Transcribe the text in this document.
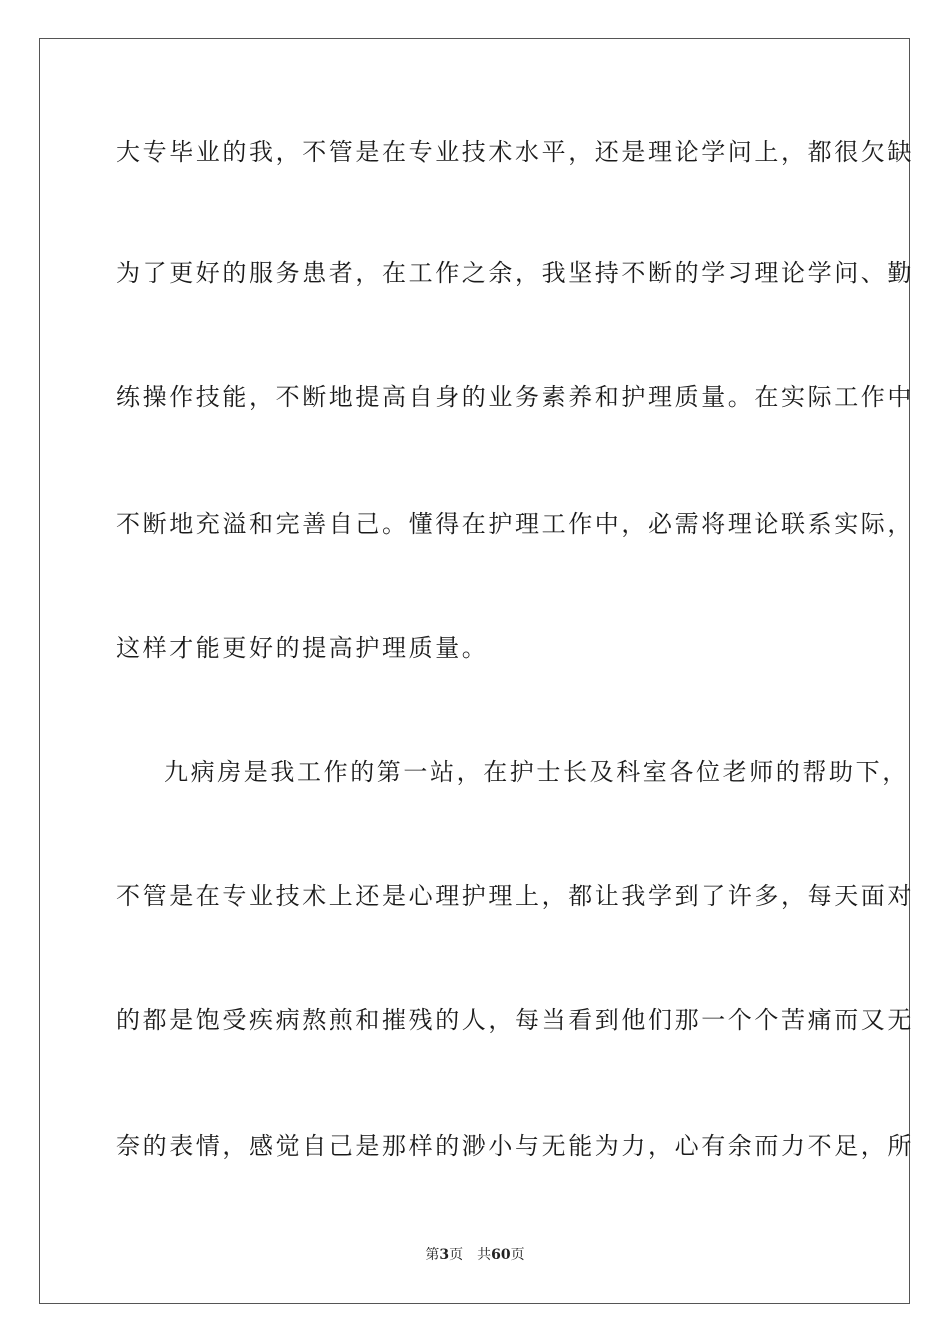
大专毕业的我，不管是在专业技术水平，还是理论学问上，都很欠缺
为了更好的服务患者，在工作之余，我坚持不断的学习理论学问、勤
练操作技能，不断地提高自身的业务素养和护理质量。在实际工作中
不断地充溢和完善自己。懂得在护理工作中，必需将理论联系实际，
这样才能更好的提高护理质量。
九病房是我工作的第一站，在护士长及科室各位老师的帮助下，
不管是在专业技术上还是心理护理上，都让我学到了许多，每天面对
的都是饱受疾病熬煎和摧残的人，每当看到他们那一个个苦痛而又无
奈的表情，感觉自己是那样的渺小与无能为力，心有余而力不足，所
第3页 共60页
